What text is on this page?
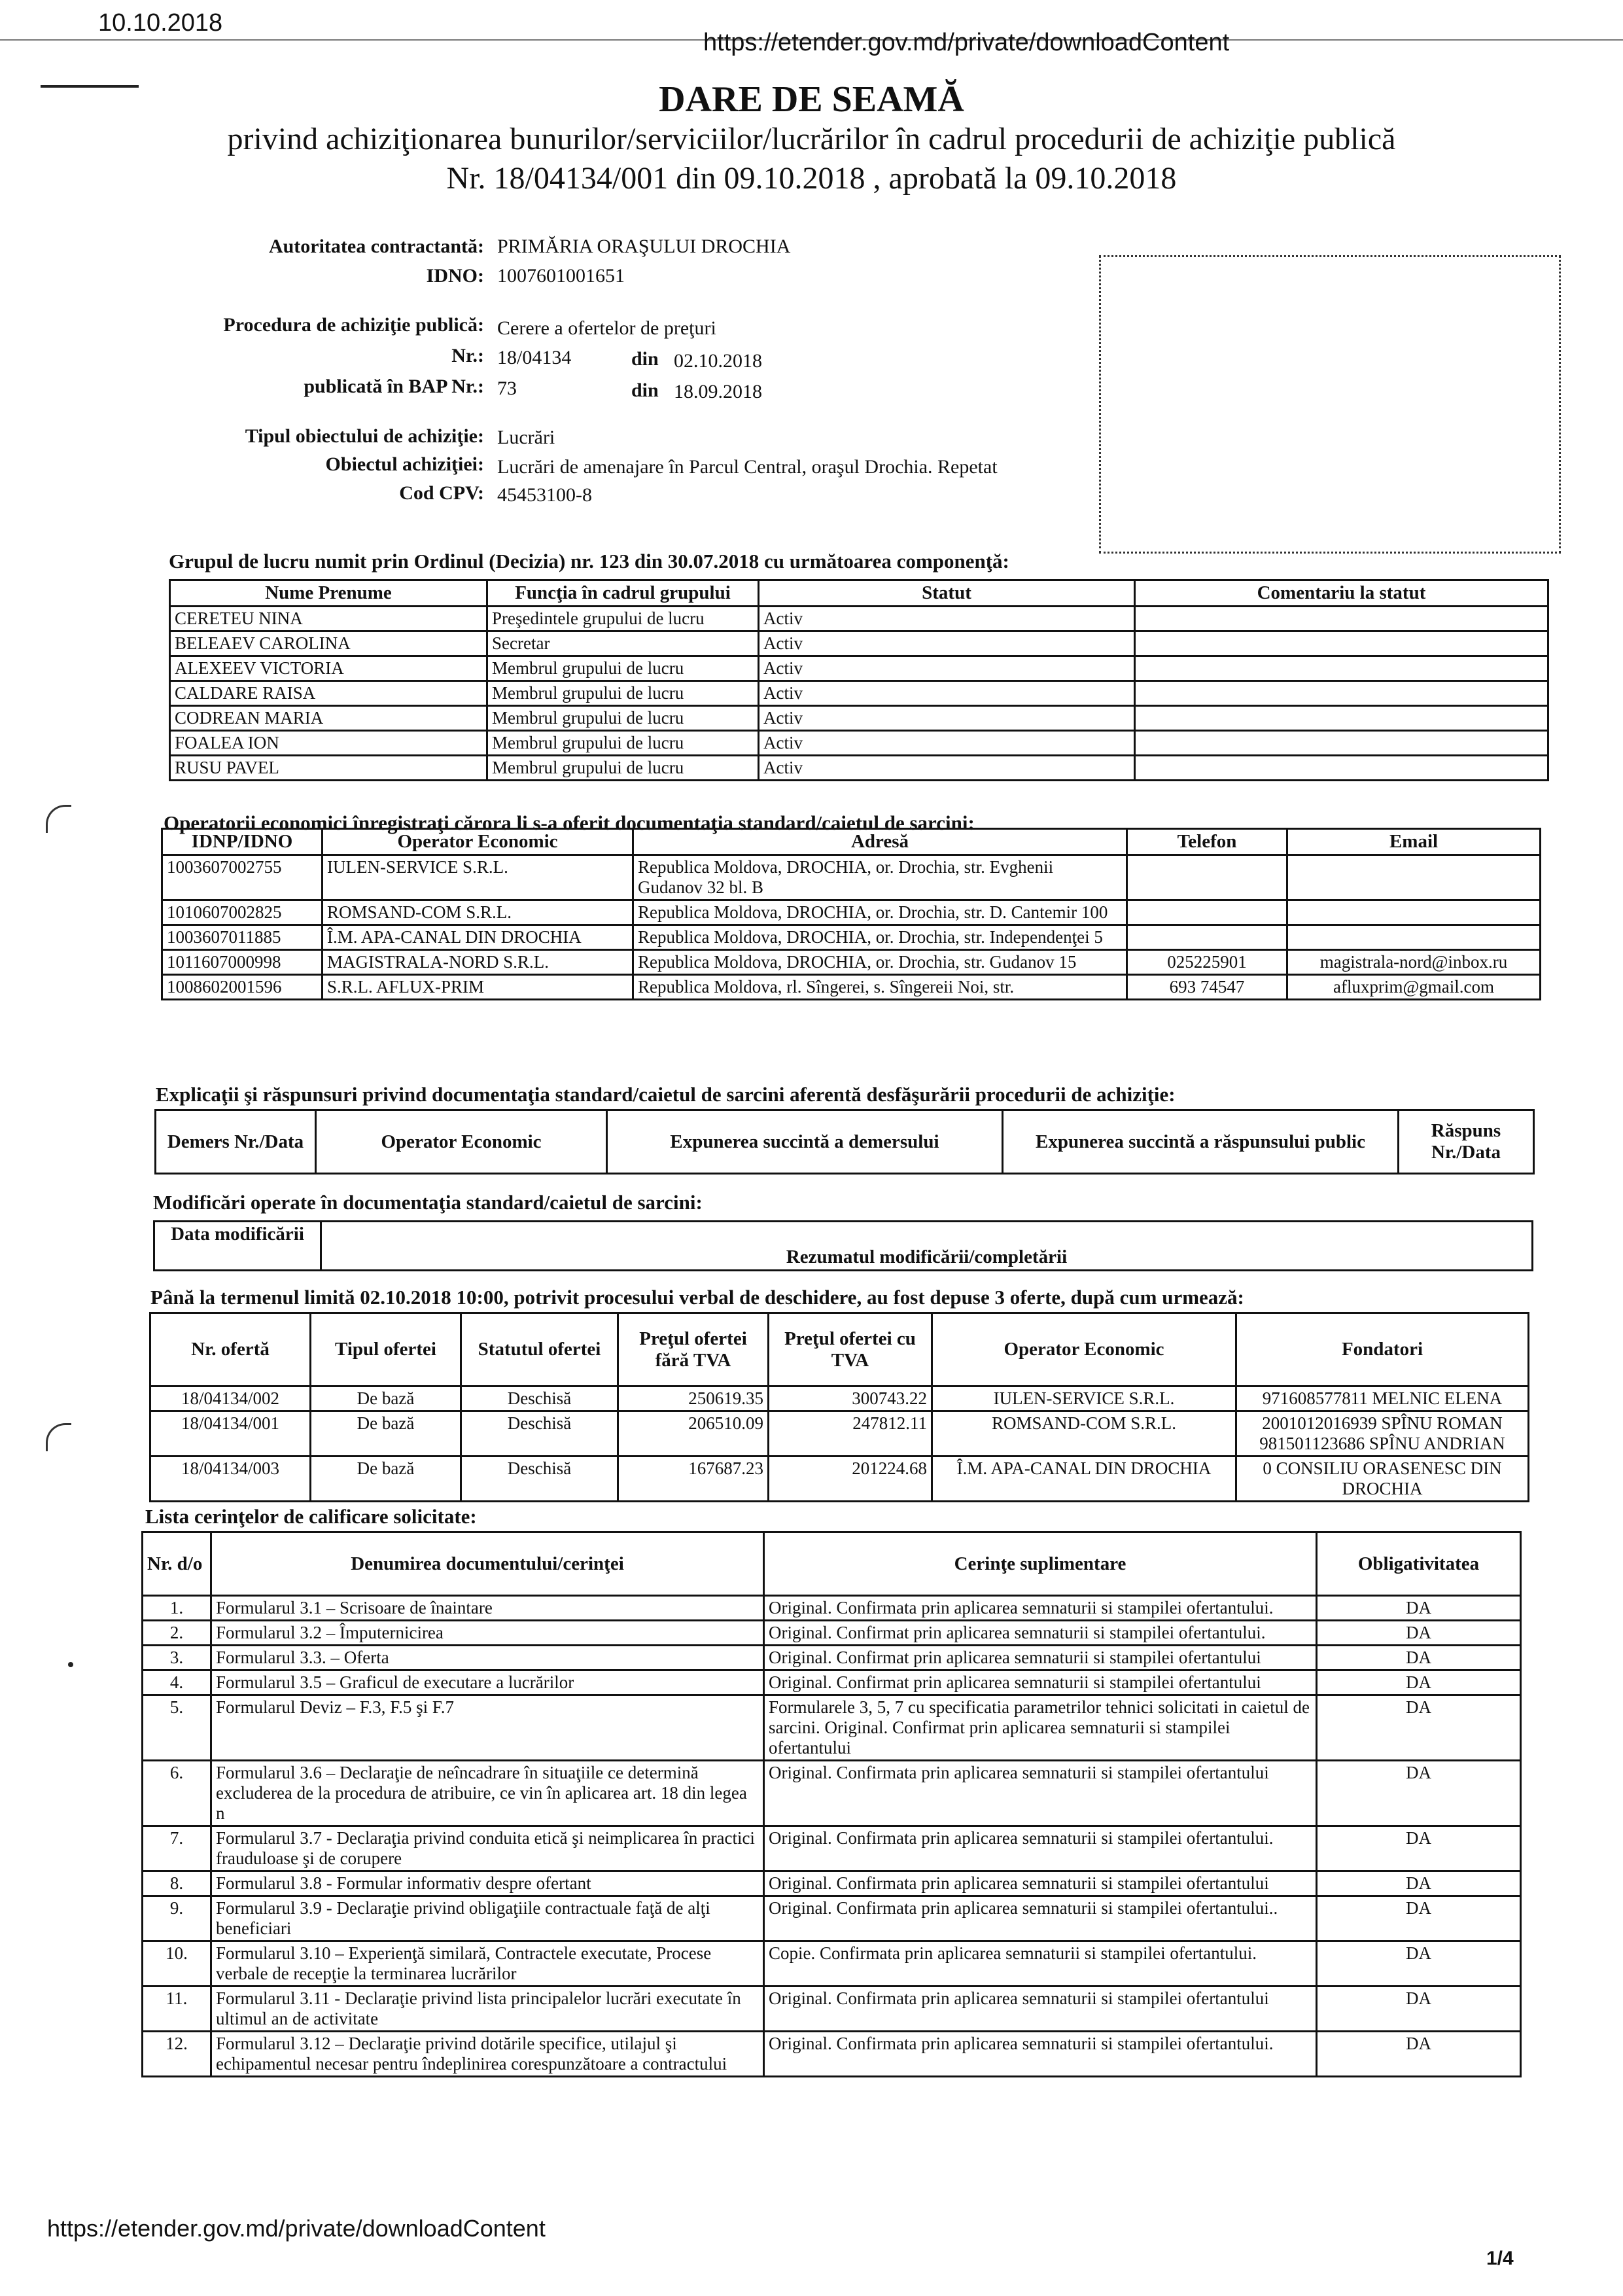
10.10.2018
https://etender.gov.md/private/downloadContent
DARE DE SEAMĂ
privind achiziţionarea bunurilor/serviciilor/lucrărilor în cadrul procedurii de achiziţie publică
Nr. 18/04134/001 din 09.10.2018 , aprobată la 09.10.2018
Autoritatea contractantă: PRIMĂRIA ORAŞULUI DROCHIA
IDNO: 1007601001651
Procedura de achiziţie publică: Cerere a ofertelor de preţuri
Nr.: 18/04134	din 02.10.2018
publicată în BAP Nr.: 73	din 18.09.2018
Tipul obiectului de achiziţie: Lucrări
Obiectul achiziţiei: Lucrări de amenajare în Parcul Central, oraşul Drochia. Repetat
Cod CPV: 45453100-8
Grupul de lucru numit prin Ordinul (Decizia) nr. 123 din 30.07.2018 cu următoarea componenţă:
Nume Prenume	Funcţia în cadrul grupului	Statut	Comentariu la statut
CERETEU NINA	Preşedintele grupului de lucru	Activ	
BELEAEV CAROLINA	Secretar	Activ	
ALEXEEV VICTORIA	Membrul grupului de lucru	Activ	
CALDARE RAISA	Membrul grupului de lucru	Activ	
CODREAN MARIA	Membrul grupului de lucru	Activ	
FOALEA ION	Membrul grupului de lucru	Activ	
RUSU PAVEL	Membrul grupului de lucru	Activ	
Operatorii economici înregistraţi cărora li s-a oferit documentaţia standard/caietul de sarcini:
IDNP/IDNO	Operator Economic	Adresă	Telefon	Email
1003607002755	IULEN-SERVICE S.R.L.	Republica Moldova, DROCHIA, or. Drochia, str. Evghenii Gudanov 32 bl. B		
1010607002825	ROMSAND-COM S.R.L.	Republica Moldova, DROCHIA, or. Drochia, str. D. Cantemir 100		
1003607011885	Î.M. APA-CANAL DIN DROCHIA	Republica Moldova, DROCHIA, or. Drochia, str. Independenţei 5		
1011607000998	MAGISTRALA-NORD S.R.L.	Republica Moldova, DROCHIA, or. Drochia, str. Gudanov 15	025225901	magistrala-nord@inbox.ru
1008602001596	S.R.L. AFLUX-PRIM	Republica Moldova, rl. Sîngerei, s. Sîngereii Noi, str.	693 74547	afluxprim@gmail.com
Explicaţii şi răspunsuri privind documentaţia standard/caietul de sarcini aferentă desfăşurării procedurii de achiziţie:
Demers Nr./Data	Operator Economic	Expunerea succintă a demersului	Expunerea succintă a răspunsului public	Răspuns Nr./Data
Modificări operate în documentaţia standard/caietul de sarcini:
Data modificării	Rezumatul modificării/completării
Până la termenul limită 02.10.2018 10:00, potrivit procesului verbal de deschidere, au fost depuse 3 oferte, după cum urmează:
Nr. ofertă	Tipul ofertei	Statutul ofertei	Preţul ofertei fără TVA	Preţul ofertei cu TVA	Operator Economic	Fondatori
18/04134/002	De bază	Deschisă	250619.35	300743.22	IULEN-SERVICE S.R.L.	971608577811 MELNIC ELENA
18/04134/001	De bază	Deschisă	206510.09	247812.11	ROMSAND-COM S.R.L.	2001012016939 SPÎNU ROMAN 981501123686 SPÎNU ANDRIAN
18/04134/003	De bază	Deschisă	167687.23	201224.68	Î.M. APA-CANAL DIN DROCHIA	0 CONSILIU ORASENESC DIN DROCHIA
Lista cerinţelor de calificare solicitate:
Nr. d/o	Denumirea documentului/cerinţei	Cerinţe suplimentare	Obligativitatea
1.	Formularul 3.1 – Scrisoare de înaintare	Original. Confirmata prin aplicarea semnaturii si stampilei ofertantului.	DA
2.	Formularul 3.2 – Împuternicirea	Original. Confirmat prin aplicarea semnaturii si stampilei ofertantului.	DA
3.	Formularul 3.3. – Oferta	Original. Confirmat prin aplicarea semnaturii si stampilei ofertantului	DA
4.	Formularul 3.5 – Graficul de executare a lucrărilor	Original. Confirmat prin aplicarea semnaturii si stampilei ofertantului	DA
5.	Formularul Deviz – F.3, F.5 şi F.7	Formularele 3, 5, 7 cu specificatia parametrilor tehnici solicitati in caietul de sarcini. Original. Confirmat prin aplicarea semnaturii si stampilei ofertantului	DA
6.	Formularul 3.6 – Declaraţie de neîncadrare în situaţiile ce determină excluderea de la procedura de atribuire, ce vin în aplicarea art. 18 din legea n	Original. Confirmata prin aplicarea semnaturii si stampilei ofertantului	DA
7.	Formularul 3.7 - Declaraţia privind conduita etică şi neimplicarea în practici frauduloase şi de corupere	Original. Confirmata prin aplicarea semnaturii si stampilei ofertantului.	DA
8.	Formularul 3.8 - Formular informativ despre ofertant	Original. Confirmata prin aplicarea semnaturii si stampilei ofertantului	DA
9.	Formularul 3.9 - Declaraţie privind obligaţiile contractuale faţă de alţi beneficiari	Original. Confirmata prin aplicarea semnaturii si stampilei ofertantului..	DA
10.	Formularul 3.10 – Experienţă similară, Contractele executate, Procese verbale de recepţie la terminarea lucrărilor	Copie. Confirmata prin aplicarea semnaturii si stampilei ofertantului.	DA
11.	Formularul 3.11 - Declaraţie privind lista principalelor lucrări executate în ultimul an de activitate	Original. Confirmata prin aplicarea semnaturii si stampilei ofertantului	DA
12.	Formularul 3.12 – Declaraţie privind dotările specifice, utilajul şi echipamentul necesar pentru îndeplinirea corespunzătoare a contractului	Original. Confirmata prin aplicarea semnaturii si stampilei ofertantului.	DA
https://etender.gov.md/private/downloadContent
1/4
